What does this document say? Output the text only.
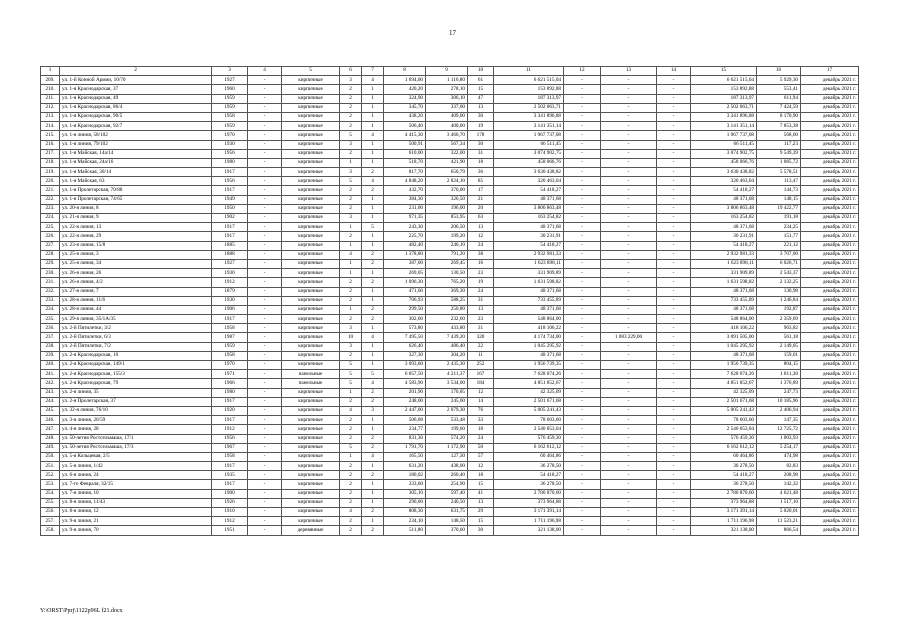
17
1	2	3	4	5	6	7	8	9	10	11	12	13	14	15	16	17
209.	ул. 1-й Конной Армии, 10/70	1927	-	кирпичные	3	4	1 694,00	1 116,80	61	6 621 515,04	-	-	-	6 621 515,04	5 929,30	декабрь 2021 г.
210.	ул. 1-я Краснодарская, 37	1960	-	кирпичные	2	1	420,20	278,10	15	153 892,88	-	-	-	153 892,88	553,41	декабрь 2021 г.
211.	ул. 1-я Краснодарская, 49	1959	-	кирпичные	2	1	324,90	306,10	47	187 313,97	-	-	-	187 313,97	611,94	декабрь 2021 г.
212.	ул. 1-я Краснодарская, 86/4	1959	-	кирпичные	2	1	345,70	337,00	13	2 502 063,71	-	-	-	2 502 063,71	7 424,59	декабрь 2021 г.
213.	ул. 1-я Краснодарская, 90/5	1958	-	кирпичные	2	1	438,20	409,00	30	3 341 896,88	-	-	-	3 341 896,88	8 170,90	декабрь 2021 г.
214.	ул. 1-я Краснодарская, 92/7	1959	-	кирпичные	2	1	506,40	400,00	19	3 141 351,14	-	-	-	3 141 351,14	7 853,38	декабрь 2021 г.
215.	ул. 1-я линия, 58/102	1970	-	кирпичные	5	4	4 415,30	3 460,70	178	1 967 737,08	-	-	-	1 967 737,08	568,60	декабрь 2021 г.
216.	ул. 1-я линия, 79/102	1930	-	кирпичные	3	1	500,91	567,34	30	66 511,45	-	-	-	66 511,45	117,23	декабрь 2021 г.
217.	ул. 1-я Майская, 14а/14	1956	-	кирпичные	2	1	610,00	322,00	31	3 074 902,75	-	-	-	3 074 902,75	9 549,39	декабрь 2021 г.
218.	ул. 1-я Майская, 24а/16	1980	-	кирпичные	1	1	518,70	421,90	18	458 066,76	-	-	-	458 066,76	1 085,72	декабрь 2021 г.
219.	ул. 1-я Майская, 30/14	1917	-	кирпичные	3	2	817,70	650,79	36	3 630 438,82	-	-	-	3 630 438,82	5 578,51	декабрь 2021 г.
220.	ул. 1-я Майская, 63	1956	-	кирпичные	5	4	4 848,20	2 824,10	85	320 463,04	-	-	-	320 463,04	113,47	декабрь 2021 г.
221.	ул. 1-я Пролетарская, 70/88	1917	-	кирпичные	2	2	432,70	376,00	17	54 418,27	-	-	-	54 418,27	144,73	декабрь 2021 г.
222.	ул. 1-я Пролетарская, 74/65	1949	-	кирпичные	2	1	384,30	326,50	21	48 371,68	-	-	-	48 371,68	148,15	декабрь 2021 г.
223.	ул. 20-я линия, 8	1950	-	кирпичные	2	1	231,00	196,00	20	3 806 863,48	-	-	-	3 806 863,48	19 422,77	декабрь 2021 г.
224.	ул. 21-я линия, 9	1902	-	кирпичные	3	1	971,35	853,95	63	163 254,82	-	-	-	163 254,82	191,18	декабрь 2021 г.
225.	ул. 22-я линия, 13	1917	-	кирпичные	1	5	243,30	206,50	13	48 371,68	-	-	-	48 371,68	234,25	декабрь 2021 г.
226.	ул. 22-я линия, 29	1917	-	кирпичные	2	1	225,70	199,20	12	30 231,91	-	-	-	30 231,91	151,77	декабрь 2021 г.
227.	ул. 23-я линия, 15/8	1885	-	кирпичные	1	1	482,40	246,10	24	54 418,27	-	-	-	54 418,27	221,12	декабрь 2021 г.
228.	ул. 25-я линия, 3	1888	-	кирпичные	4	2	1 378,80	791,20	38	2 932 981,33	-	-	-	2 932 981,33	3 707,00	декабрь 2021 г.
229.	ул. 25-я линия, 34	1927	-	кирпичные	1	2	387,00	269,45	16	1 623 898,11	-	-	-	1 623 898,11	6 026,71	декабрь 2021 г.
230.	ул. 26-я линия, 26	1930	-	кирпичные	1	1	269,05	130,50	23	331 909,89	-	-	-	331 909,89	2 543,37	декабрь 2021 г.
231.	ул. 26-я линия, 4/2	1912	-	кирпичные	2	2	1 096,30	765,20	19	1 631 598,82	-	-	-	1 631 598,82	2 132,25	декабрь 2021 г.
232.	ул. 27-я линия, 7	1879	-	кирпичные	2	1	471,60	369,30	24	48 371,68	-	-	-	48 371,68	130,98	декабрь 2021 г.
233.	ул. 28-я линия, 11/6	1930	-	кирпичные	2	1	706,93	588,25	31	733 455,89	-	-	-	733 455,89	1 246,84	декабрь 2021 г.
234.	ул. 28-я линия, 44	1906	-	кирпичные	1	2	299,50	250,80	13	48 371,68	-	-	-	48 371,68	192,87	декабрь 2021 г.
235.	ул. 29-я линия, 35/1А/35	1917	-	кирпичные	2	2	302,60	232,60	23	548 864,00	-	-	-	548 864,00	2 359,69	декабрь 2021 г.
236.	ул. 2-й Пятилетки, 3/2	1958	-	кирпичные	3	1	573,80	433,80	31	418 106,22	-	-	-	418 106,22	963,82	декабрь 2021 г.
237.	ул. 2-й Пятилетки, 6/3	1987	-	кирпичные	10	4	7 495,50	7 439,20	320	4 174 734,00	-	1 083 229,00	-	3 091 505,00	561,18	декабрь 2021 г.
238.	ул. 2-й Пятилетки, 7/2	1959	-	кирпичные	3	1	626,40	486,40	22	1 045 295,92	-	-	-	1 045 295,92	2 149,05	декабрь 2021 г.
239.	ул. 2-я Краснодарская, 10	1958	-	кирпичные	2	1	327,30	304,20	11	48 371,68	-	-	-	48 371,68	159,01	декабрь 2021 г.
240.	ул. 2-я Краснодарская, 149/1	1970	-	кирпичные	5	1	3 093,60	2 435,30	252	1 956 739,35	-	-	-	1 956 739,35	804,15	декабрь 2021 г.
241.	ул. 2-я Краснодарская, 155/3	1971	-	панельные	5	5	6 057,50	4 211,37	167	7 628 074,26	-	-	-	7 628 074,26	1 811,30	декабрь 2021 г.
242.	ул. 2-я Краснодарская, 79	1966	-	панельные	5	4	4 583,90	3 534,00	184	4 851 852,67	-	-	-	4 851 852,67	1 376,89	декабрь 2021 г.
243.	ул. 2-я линия, 35	1980	-	кирпичные	1	2	201,90	170,85	12	42 325,09	-	-	-	42 325,09	247,73	декабрь 2021 г.
244.	ул. 2-я Пролетарская, 37	1917	-	кирпичные	2	2	248,00	245,60	14	2 501 671,68	-	-	-	2 501 671,68	10 185,96	декабрь 2021 г.
245.	ул. 32-я линия, 76/10	1920	-	кирпичные	4	3	2 447,00	2 079,30	76	5 005 241,43	-	-	-	5 005 241,43	2 406,94	декабрь 2021 г.
246.	ул. 3-я линия, 20/59	1917	-	кирпичные	2	1	506,08	533,48	33	78 603,60	-	-	-	78 603,60	147,35	декабрь 2021 г.
247.	ул. 4-я линия, 28	1912	-	кирпичные	2	1	234,77	199,60	18	2 540 053,04	-	-	-	2 540 053,04	12 725,72	декабрь 2021 г.
248.	ул. 50-летия Ростсельмаша, 17/1	1956	-	кирпичные	2	2	831,30	574,20	24	576 459,30	-	-	-	576 459,30	1 003,93	декабрь 2021 г.
249.	ул. 50-летия Ростсельмаша, 17/3	1967	-	кирпичные	5	2	1 791,70	1 172,90	50	6 162 612,12	-	-	-	6 162 612,12	5 254,17	декабрь 2021 г.
250.	ул. 5-я Кольцевая, 2/5	1958	-	кирпичные	1	4	165,50	127,30	57	60 464,86	-	-	-	60 464,86	474,98	декабрь 2021 г.
251.	ул. 5-я линия, 1/42	1917	-	кирпичные	2	1	631,20	438,00	12	36 278,50	-	-	-	36 278,50	82,83	декабрь 2021 г.
252.	ул. 6-я линия, 24	1935	-	кирпичные	2	2	180,02	260,40	18	54 418,27	-	-	-	54 418,27	208,98	декабрь 2021 г.
253.	ул. 7-го Февраля, 32/15	1917	-	кирпичные	2	1	333,60	254,90	15	36 278,50	-	-	-	36 278,50	142,32	декабрь 2021 г.
254.	ул. 7-я линия, 10	1900	-	кирпичные	2	1	305,10	597,40	41	2 780 870,60	-	-	-	2 780 870,60	4 621,48	декабрь 2021 г.
255.	ул. 8-я линия, 11/43	1926	-	кирпичные	2	1	290,00	246,50	13	373 964,88	-	-	-	373 964,88	1 517,10	декабрь 2021 г.
256.	ул. 8-я линия, 12	1910	-	кирпичные	4	2	808,30	631,75	29	3 171 391,14	-	-	-	3 171 391,14	5 020,01	декабрь 2021 г.
257.	ул. 9-я линия, 21	1912	-	кирпичные	2	1	234,10	148,50	15	1 711 196,98	-	-	-	1 711 196,98	11 523,21	декабрь 2021 г.
258.	ул. 9-я линия, 70	1951	-	деревянные	2	2	511,80	370,60	30	321 138,00	-	-	-	321 138,00	866,54	декабрь 2021 г.
Y:\ORST\Pprj\1122p96L f21.docx
